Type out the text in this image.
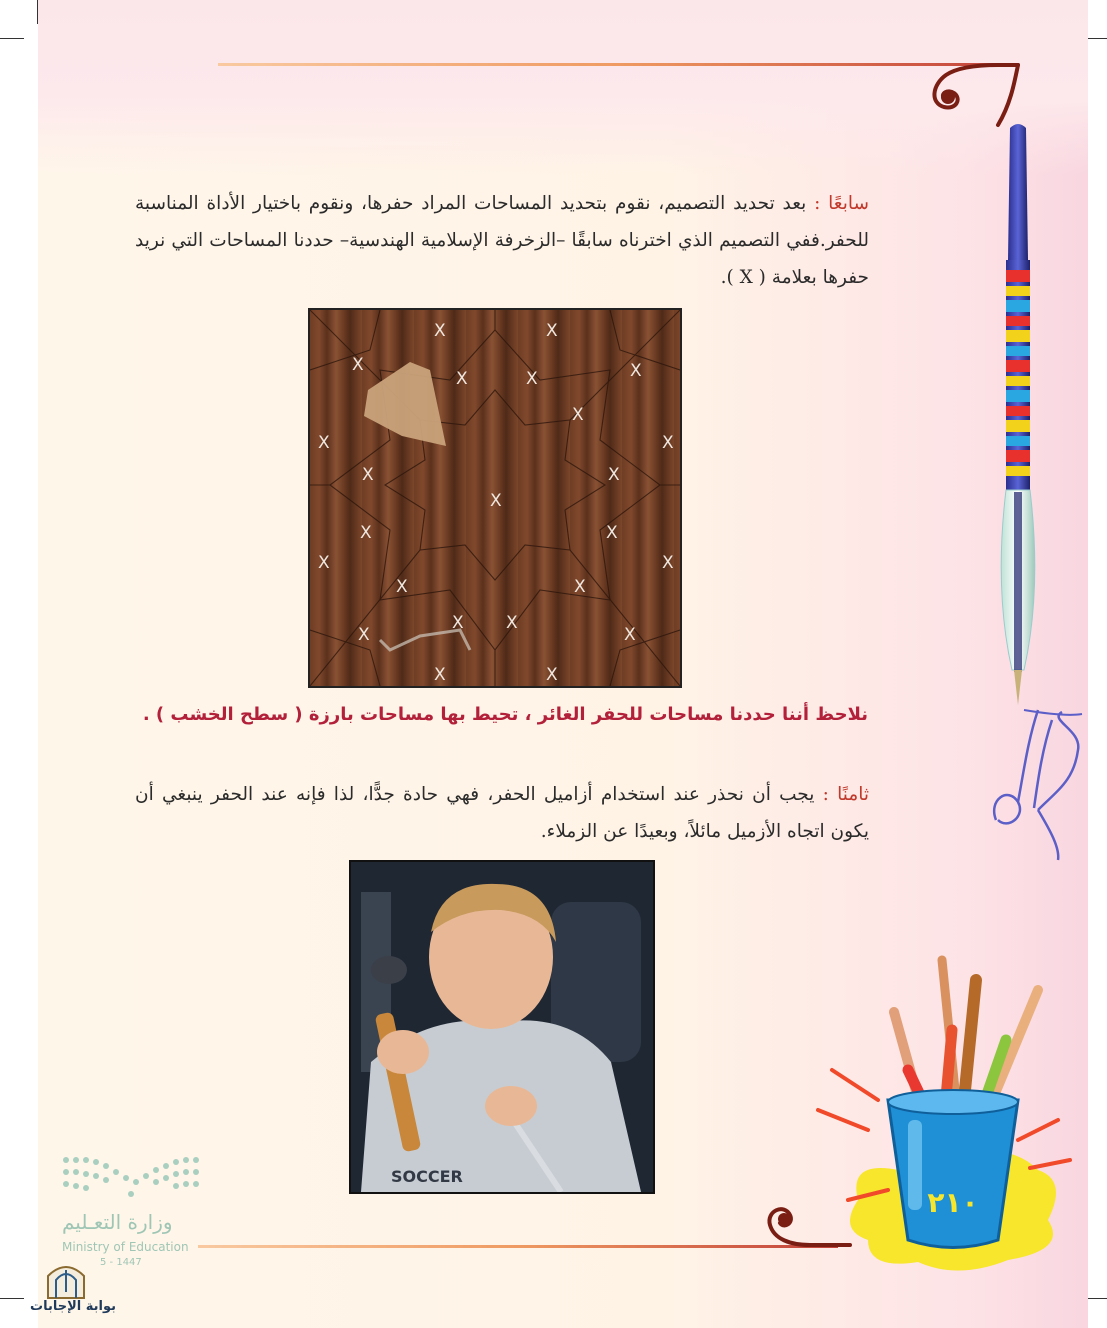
سابعًا : بعد تحديد التصميم، نقوم بتحديد المساحات المراد حفرها، ونقوم باختيار الأداة المناسبة للحفر.ففي التصميم الذي اخترناه سابقًا –الزخرفة الإسلامية الهندسية– حددنا المساحات التي نريد حفرها بعلامة ( X ).

X	X
X
X	X	X
X
X	X
X	X
X
X	X
X	X
X	X
X X
X	X
X	X

نلاحظ أننا حددنا مساحات للحفر الغائر ، تحيط بها مساحات بارزة ( سطح الخشب ) .

ثامنًا : يجب أن نحذر عند استخدام أزاميل الحفر، فهي حادة جدًّا، لذا فإنه عند الحفر ينبغي أن يكون اتجاه الأزميل مائلاً، وبعيدًا عن الزملاء.

SOCCER
٢١٠

وزارة التعـليم

Ministry of Education

5 - 1447

بوابة الإجابات
